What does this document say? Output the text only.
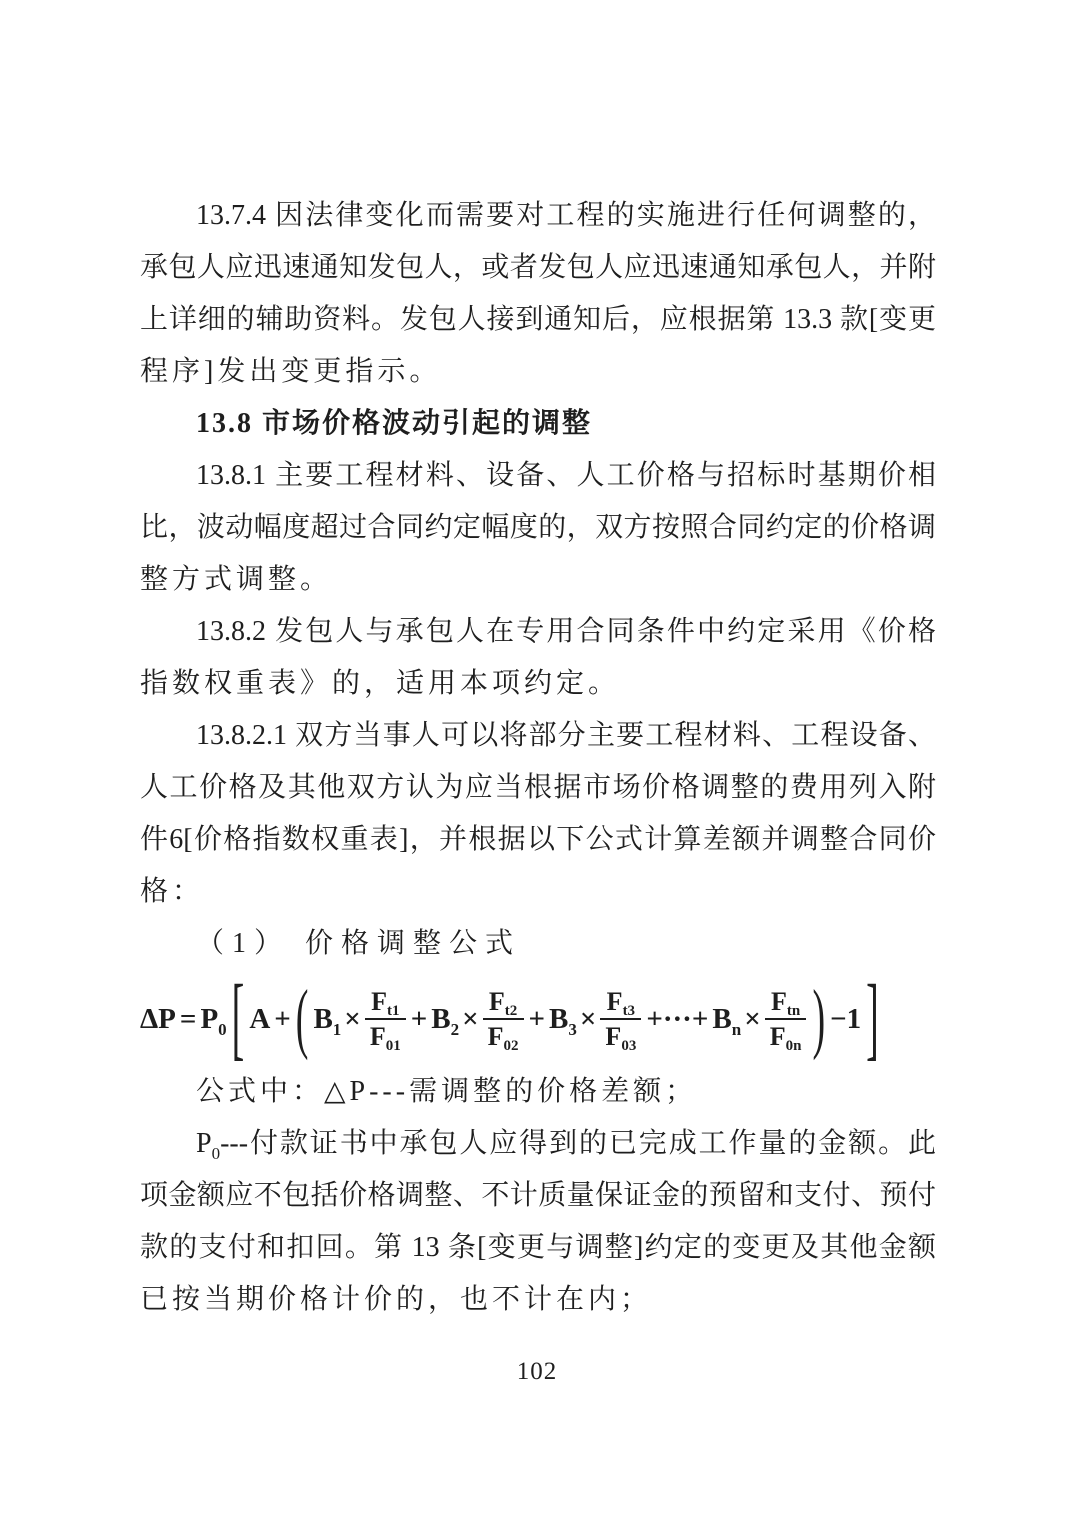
13.7.4 因法律变化而需要对工程的实施进行任何调整的，
承包人应迅速通知发包人，或者发包人应迅速通知承包人，并附
上详细的辅助资料。发包人接到通知后，应根据第 13.3 款[变更
程序]发出变更指示。
13.8 市场价格波动引起的调整
13.8.1 主要工程材料、设备、人工价格与招标时基期价相
比，波动幅度超过合同约定幅度的，双方按照合同约定的价格调
整方式调整。
13.8.2 发包人与承包人在专用合同条件中约定采用《价格
指数权重表》的，适用本项约定。
13.8.2.1 双方当事人可以将部分主要工程材料、工程设备、
人工价格及其他双方认为应当根据市场价格调整的费用列入附
件6[价格指数权重表]，并根据以下公式计算差额并调整合同价
格：
（1） 价格调整公式
$\Delta P = P_0$ [ A + ( $B_1 \times \frac{F_{t1}}{F_{01}} + B_2 \times \frac{F_{t2}}{F_{02}} + B_3 \times \frac{F_{t3}}{F_{03}}$ +···+ $B_n \times \frac{F_{tn}}{F_{0n}}$ ) −1 ]
公式中：△P---需调整的价格差额；
$P_0---$付款证书中承包人应得到的已完成工作量的金额。此
项金额应不包括价格调整、不计质量保证金的预留和支付、预付
款的支付和扣回。第 13 条[变更与调整]约定的变更及其他金额
已按当期价格计价的，也不计在内；
102
